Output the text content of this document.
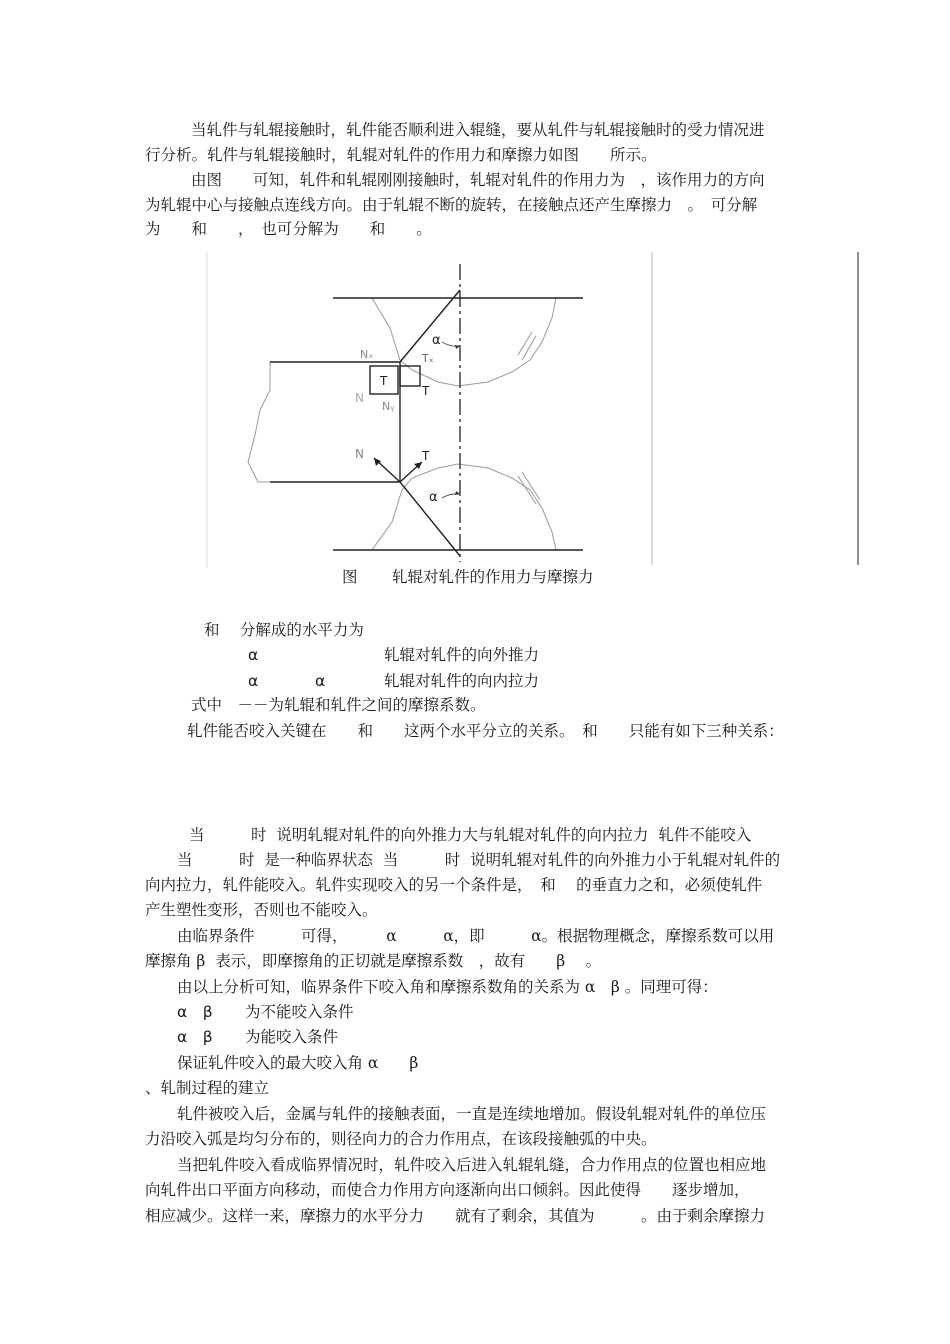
当轧件与轧辊接触时，轧件能否顺利进入辊缝，要从轧件与轧辊接触时的受力情况进
行分析。轧件与轧辊接触时，轧辊对轧件的作用力和摩擦力如图　　所示。
由图　　可知，轧件和轧辊刚刚接触时，轧辊对轧件的作用力为　，该作用力的方向
为轧辊中心与接触点连线方向。由于轧辊不断的旋转，在接触点还产生摩擦力　。　可分解
为　　和　　，　也可分解为　　和　　。
α
α
Nₓ	Tₓ
T
T
N
Nᵧ
N	T
图 轧辊对轧件的作用力与摩擦力
和　 分解成的水平力为
α	轧辊对轧件的向外推力
α	α	轧辊对轧件的向内拉力
式中　－－为轧辊和轧件之间的摩擦系数。
轧件能否咬入关键在　　和　　这两个水平分立的关系。　和　　只能有如下三种关系：
当　　　时  说明轧辊对轧件的向外推力大与轧辊对轧件的向内拉力  轧件不能咬入
当　　　时  是一种临界状态  当　　　时  说明轧辊对轧件的向外推力小于轧辊对轧件的
向内拉力，轧件能咬入。轧件实现咬入的另一个条件是，　和　 的垂直力之和，必须使轧件
产生塑性变形，否则也不能咬入。
由临界条件　　　可得，　　　α　　　α，即　　　α。根据物理概念，摩擦系数可以用
摩擦角 β  表示，即摩擦角的正切就是摩擦系数　，故有　　β　 。
由以上分析可知，临界条件下咬入角和摩擦系数角的关系为 α　β 。同理可得：
α　β 为不能咬入条件
α　β 为能咬入条件
保证轧件咬入的最大咬入角 α　　β
、轧制过程的建立
轧件被咬入后，金属与轧件的接触表面，一直是连续地增加。假设轧辊对轧件的单位压
力沿咬入弧是均匀分布的，则径向力的合力作用点，在该段接触弧的中央。
当把轧件咬入看成临界情况时，轧件咬入后进入轧辊轧缝，合力作用点的位置也相应地
向轧件出口平面方向移动，而使合力作用方向逐渐向出口倾斜。因此使得　　逐步增加，
相应减少。这样一来，摩擦力的水平分力　　就有了剩余，其值为　　　。由于剩余摩擦力
